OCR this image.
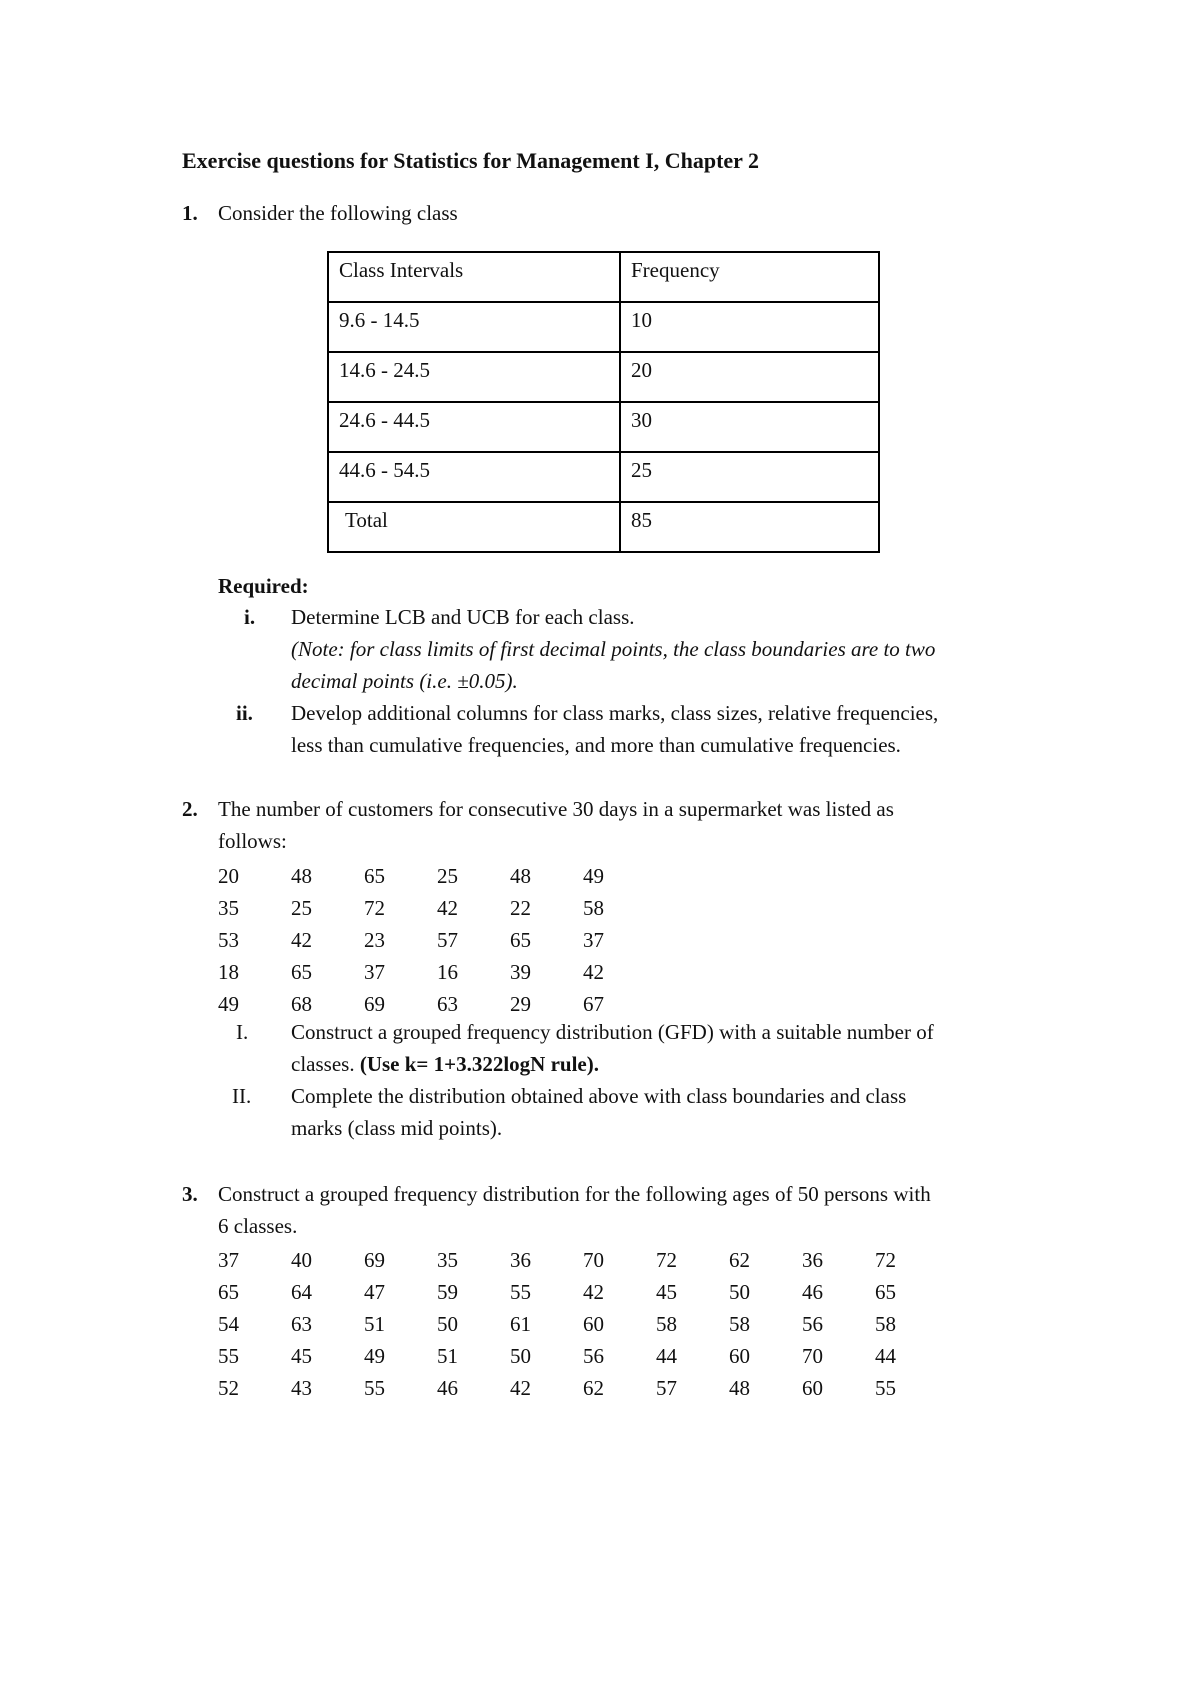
Exercise questions for Statistics for Management I, Chapter 2
1. Consider the following class
Class Intervals	Frequency
9.6 - 14.5	10
14.6 - 24.5	20
24.6 - 44.5	30
44.6 - 54.5	25
Total	85
Required:
i. Determine LCB and UCB for each class.
(Note: for class limits of first decimal points, the class boundaries are to two
decimal points (i.e. ±0.05).
ii. Develop additional columns for class marks, class sizes, relative frequencies,
less than cumulative frequencies, and more than cumulative frequencies.
2. The number of customers for consecutive 30 days in a supermarket was listed as
follows:
20	48	65	25	48	49
35	25	72	42	22	58
53	42	23	57	65	37
18	65	37	16	39	42
49	68	69	63	29	67
I. Construct a grouped frequency distribution (GFD) with a suitable number of
classes. (Use k= 1+3.322logN rule).
II. Complete the distribution obtained above with class boundaries and class
marks (class mid points).
3. Construct a grouped frequency distribution for the following ages of 50 persons with
6 classes.
37	40	69	35	36	70	72	62	36	72
65	64	47	59	55	42	45	50	46	65
54	63	51	50	61	60	58	58	56	58
55	45	49	51	50	56	44	60	70	44
52	43	55	46	42	62	57	48	60	55
